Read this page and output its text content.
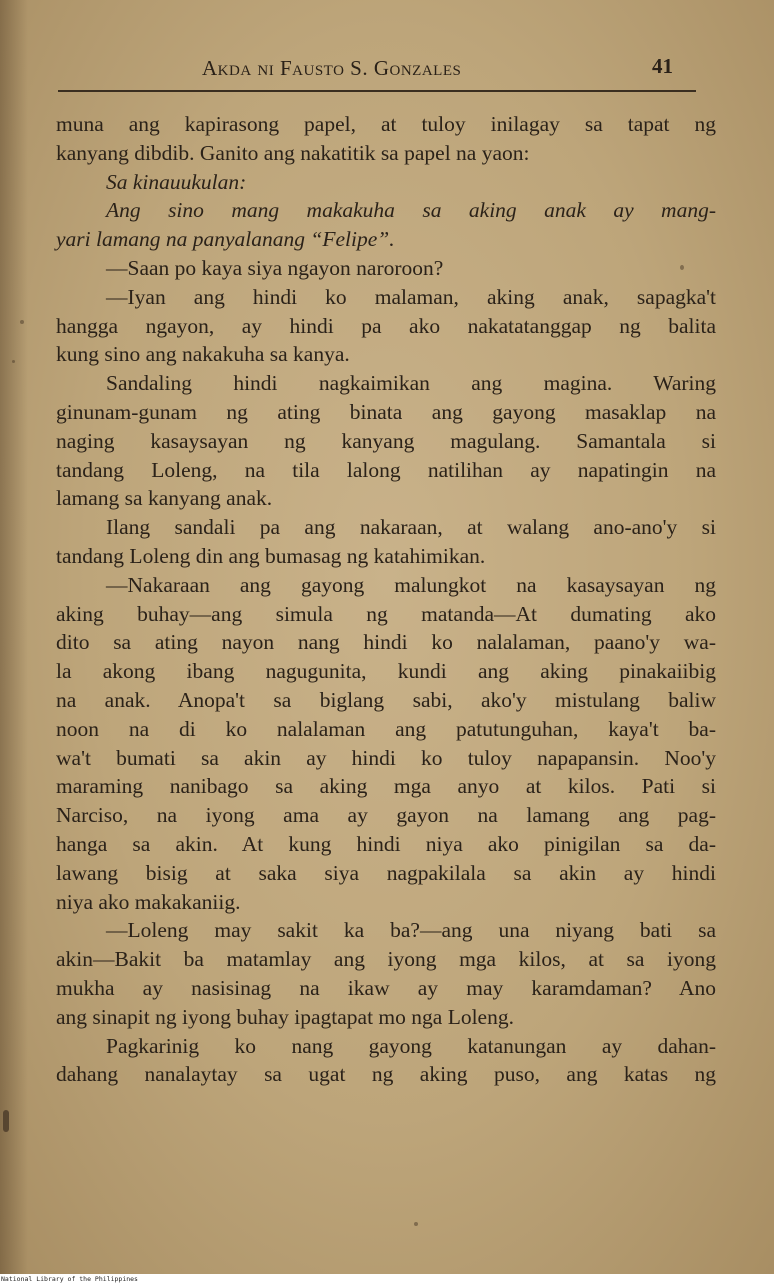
Akda ni Fausto S. Gonzales	41
muna ang kapirasong papel, at tuloy inilagay sa tapat ng
kanyang dibdib. Ganito ang nakatitik sa papel na yaon:
Sa kinauukulan:
Ang sino mang makakuha sa aking anak ay mang-
yari lamang na panyalanang “Felipe”.
—Saan po kaya siya ngayon naroroon?
—Iyan ang hindi ko malaman, aking anak, sapagka't
hangga ngayon, ay hindi pa ako nakatatanggap ng balita
kung sino ang nakakuha sa kanya.
Sandaling hindi nagkaimikan ang magina. Waring
ginunam-gunam ng ating binata ang gayong masaklap na
naging kasaysayan ng kanyang magulang. Samantala si
tandang Loleng, na tila lalong natilihan ay napatingin na
lamang sa kanyang anak.
Ilang sandali pa ang nakaraan, at walang ano-ano'y si
tandang Loleng din ang bumasag ng katahimikan.
—Nakaraan ang gayong malungkot na kasaysayan ng
aking buhay—ang simula ng matanda—At dumating ako
dito sa ating nayon nang hindi ko nalalaman, paano'y wa-
la akong ibang nagugunita, kundi ang aking pinakaiibig
na anak. Anopa't sa biglang sabi, ako'y mistulang baliw
noon na di ko nalalaman ang patutunguhan, kaya't ba-
wa't bumati sa akin ay hindi ko tuloy napapansin. Noo'y
maraming nanibago sa aking mga anyo at kilos. Pati si
Narciso, na iyong ama ay gayon na lamang ang pag-
hanga sa akin. At kung hindi niya ako pinigilan sa da-
lawang bisig at saka siya nagpakilala sa akin ay hindi
niya ako makakaniig.
—Loleng may sakit ka ba?—ang una niyang bati sa
akin—Bakit ba matamlay ang iyong mga kilos, at sa iyong
mukha ay nasisinag na ikaw ay may karamdaman? Ano
ang sinapit ng iyong buhay ipagtapat mo nga Loleng.
Pagkarinig ko nang gayong katanungan ay dahan-
dahang nanalaytay sa ugat ng aking puso, ang katas ng
National Library of the Philippines
